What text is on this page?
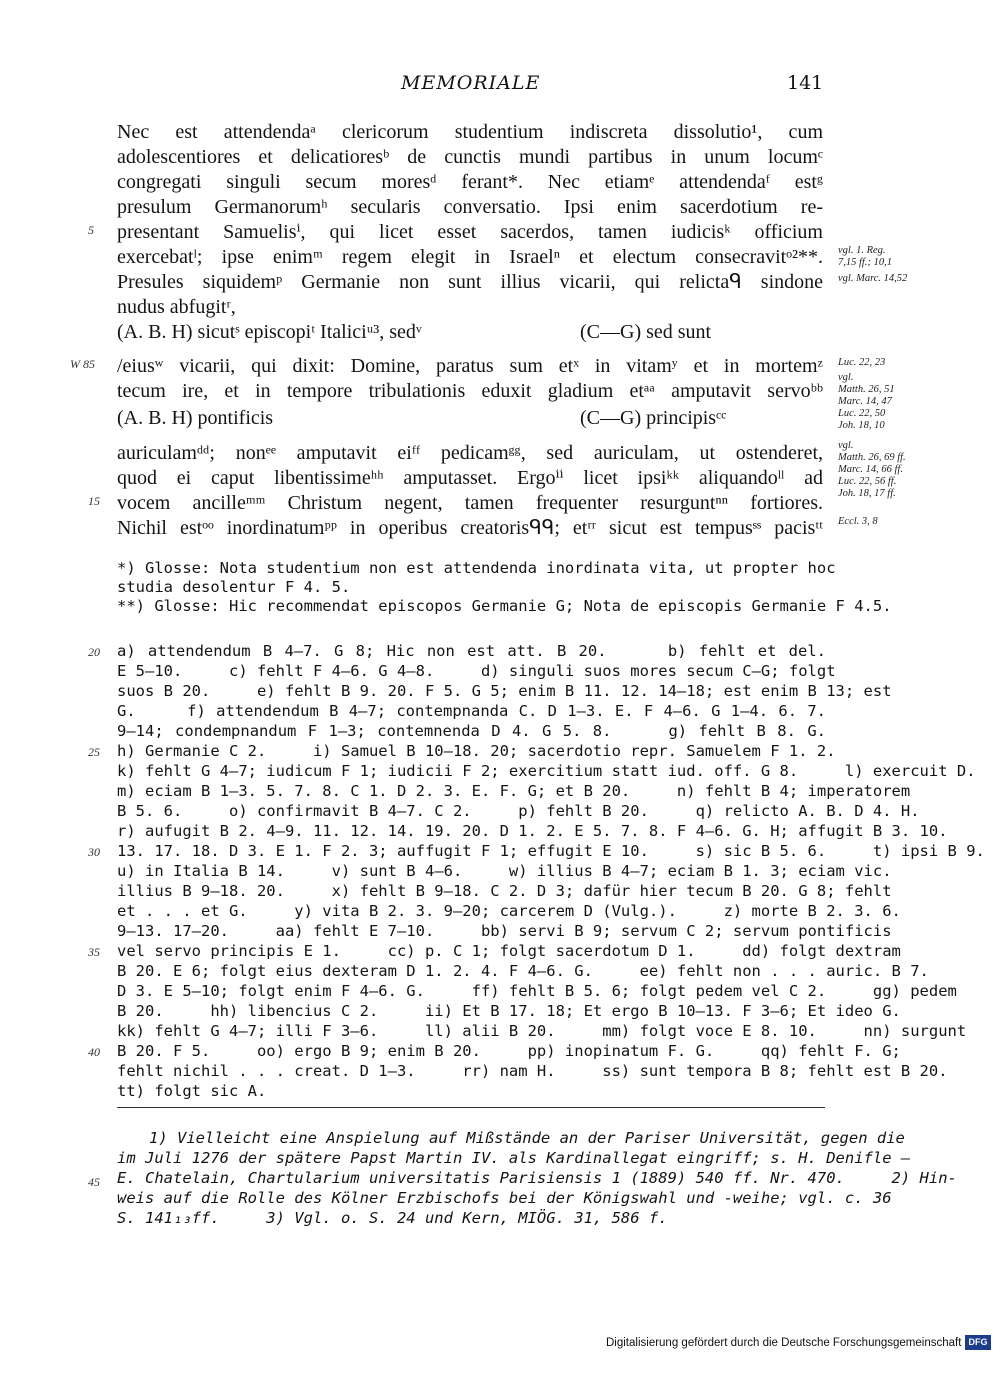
MEMORIALE	141
Nec est attendendaᵃ clericorum studentium indiscreta dissolutio¹, cum
adolescentiores et delicatioresᵇ de cunctis mundi partibus in unum locumᶜ
congregati singuli secum moresᵈ ferant*. Nec etiamᵉ attendendaᶠ estᵍ
presulum Germanorumʰ secularis conversatio. Ipsi enim sacerdotium re-
presentant Samuelisⁱ, qui licet esset sacerdos, tamen iudicisᵏ officium
exercebatˡ; ipse enimᵐ regem elegit in Israelⁿ et electum consecravitᵒ²**.
Presules siquidemᵖ Germanie non sunt illius vicarii, qui relictaᑫ sindone
nudus abfugitʳ,
/eiusʷ vicarii, qui dixit: Domine, paratus sum etˣ in vitamʸ et in mortemᶻ
tecum ire, et in tempore tribulationis eduxit gladium etᵃᵃ amputavit servoᵇᵇ
auriculamᵈᵈ; nonᵉᵉ amputavit eiᶠᶠ pedicamᵍᵍ, sed auriculam, ut ostenderet,
quod ei caput libentissimeʰʰ amputasset. Ergoⁱⁱ licet ipsiᵏᵏ aliquandoˡˡ ad
vocem ancilleᵐᵐ Christum negent, tamen frequenter resurguntⁿⁿ fortiores.
Nichil estᵒᵒ inordinatumᵖᵖ in operibus creatorisᑫᑫ; etʳʳ sicut est tempusˢˢ pacisᵗᵗ
(A. B. H) sicutˢ episcopiᵗ Italiciᵘ³, sedᵛ	(C—G) sed sunt
(A. B. H) pontificis	(C—G) principisᶜᶜ
5
W 85
15
20
25
30
35
40
45
vgl. 1. Reg.
7,15 ff.; 10,1
vgl. Marc. 14,52
Luc. 22, 23
vgl.
Matth. 26, 51
Marc. 14, 47
Luc. 22, 50
Joh. 18, 10
vgl.
Matth. 26, 69 ff.
Marc. 14, 66 ff.
Luc. 22, 56 ff.
Joh. 18, 17 ff.
Eccl. 3, 8
*) Glosse: Nota studentium non est attendenda inordinata vita, ut propter hoc
studia desolentur F 4. 5.
**) Glosse: Hic recommendat episcopos Germanie G; Nota de episcopis Germanie F 4.5.
a) attendendum B 4—7. G 8; Hic non est att. B 20.     b) fehlt et del.
E 5—10.     c) fehlt F 4—6. G 4—8.     d) singuli suos mores secum C—G; folgt
suos B 20.     e) fehlt B 9. 20. F 5. G 5; enim B 11. 12. 14—18; est enim B 13; est
G.     f) attendendum B 4—7; contempnanda C. D 1—3. E. F 4—6. G 1—4. 6. 7.
9—14; condempnandum F 1—3; contemnenda D 4. G 5. 8.     g) fehlt B 8. G.
h) Germanie C 2.     i) Samuel B 10—18. 20; sacerdotio repr. Samuelem F 1. 2.
k) fehlt G 4—7; iudicum F 1; iudicii F 2; exercitium statt iud. off. G 8.     l) exercuit D.
m) eciam B 1—3. 5. 7. 8. C 1. D 2. 3. E. F. G; et B 20.     n) fehlt B 4; imperatorem
B 5. 6.     o) confirmavit B 4—7. C 2.     p) fehlt B 20.     q) relicto A. B. D 4. H.
r) aufugit B 2. 4—9. 11. 12. 14. 19. 20. D 1. 2. E 5. 7. 8. F 4—6. G. H; affugit B 3. 10.
13. 17. 18. D 3. E 1. F 2. 3; auffugit F 1; effugit E 10.     s) sic B 5. 6.     t) ipsi B 9.
u) in Italia B 14.     v) sunt B 4—6.     w) illius B 4—7; eciam B 1. 3; eciam vic.
illius B 9—18. 20.     x) fehlt B 9—18. C 2. D 3; dafür hier tecum B 20. G 8; fehlt
et . . . et G.     y) vita B 2. 3. 9—20; carcerem D (Vulg.).     z) morte B 2. 3. 6.
9—13. 17—20.     aa) fehlt E 7—10.     bb) servi B 9; servum C 2; servum pontificis
vel servo principis E 1.     cc) p. C 1; folgt sacerdotum D 1.     dd) folgt dextram
B 20. E 6; folgt eius dexteram D 1. 2. 4. F 4—6. G.     ee) fehlt non . . . auric. B 7.
D 3. E 5—10; folgt enim F 4—6. G.     ff) fehlt B 5. 6; folgt pedem vel C 2.     gg) pedem
B 20.     hh) libencius C 2.     ii) Et B 17. 18; Et ergo B 10—13. F 3—6; Et ideo G.
kk) fehlt G 4—7; illi F 3—6.     ll) alii B 20.     mm) folgt voce E 8. 10.     nn) surgunt
B 20. F 5.     oo) ergo B 9; enim B 20.     pp) inopinatum F. G.     qq) fehlt F. G;
fehlt nichil . . . creat. D 1—3.     rr) nam H.     ss) sunt tempora B 8; fehlt est B 20.
tt) folgt sic A.
1) Vielleicht eine Anspielung auf Mißstände an der Pariser Universität, gegen die
im Juli 1276 der spätere Papst Martin IV. als Kardinallegat eingriff; s. H. Denifle —
E. Chatelain, Chartularium universitatis Parisiensis 1 (1889) 540 ff. Nr. 470.     2) Hin-
weis auf die Rolle des Kölner Erzbischofs bei der Königswahl und -weihe; vgl. c. 36
S. 141₁₃ff.     3) Vgl. o. S. 24 und Kern, MIÖG. 31, 586 f.
Digitalisierung gefördert durch die Deutsche Forschungsgemeinschaft DFG
